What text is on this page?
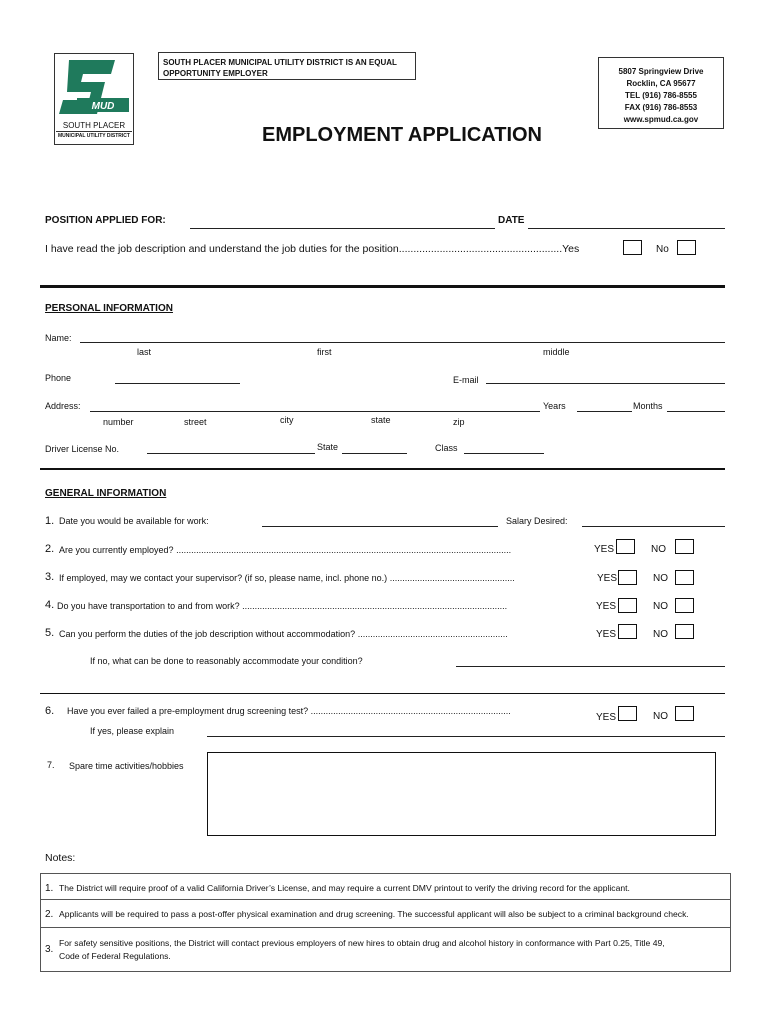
MUD
SOUTH PLACER
MUNICIPAL UTILITY DISTRICT
SOUTH PLACER MUNICIPAL UTILITY DISTRICT IS AN EQUAL OPPORTUNITY EMPLOYER	5807 Springview Drive
Rocklin, CA 95677
TEL (916) 786-8555
FAX (916) 786-8553
www.spmud.ca.gov
EMPLOYMENT APPLICATION
POSITION APPLIED FOR:	DATE
I have read the job description and understand the job duties for the position........................................................Yes	No
PERSONAL INFORMATION
Name:
last	first	middle
Phone	E-mail
Address:	Years	Months
number	street	city	state	zip
Driver License No.	State	Class
GENERAL INFORMATION
1. Date you would be available for work:	Salary Desired:
2. Are you currently employed? ......................................................................................................................................	YES	NO
3. If employed, may we contact your supervisor? (if so, please name, incl. phone no.) ..................................................	YES	NO
4. Do you have transportation to and from work? ..........................................................................................................	YES	NO
5. Can you perform the duties of the job description without accommodation? ............................................................	YES	NO
If no, what can be done to reasonably accommodate your condition?
6. Have you ever failed a pre-employment drug screening test? ................................................................................
YES	NO
If yes, please explain
7. Spare time activities/hobbies
Notes:
1. The District will require proof of a valid California Driver’s License, and may require a current DMV printout to verify the driving record for the applicant.
2. Applicants will be required to pass a post-offer physical examination and drug screening. The successful applicant will also be subject to a criminal background check.
3.
For safety sensitive positions, the District will contact previous employers of new hires to obtain drug and alcohol history in conformance with Part 0.25, Title 49,
Code of Federal Regulations.
